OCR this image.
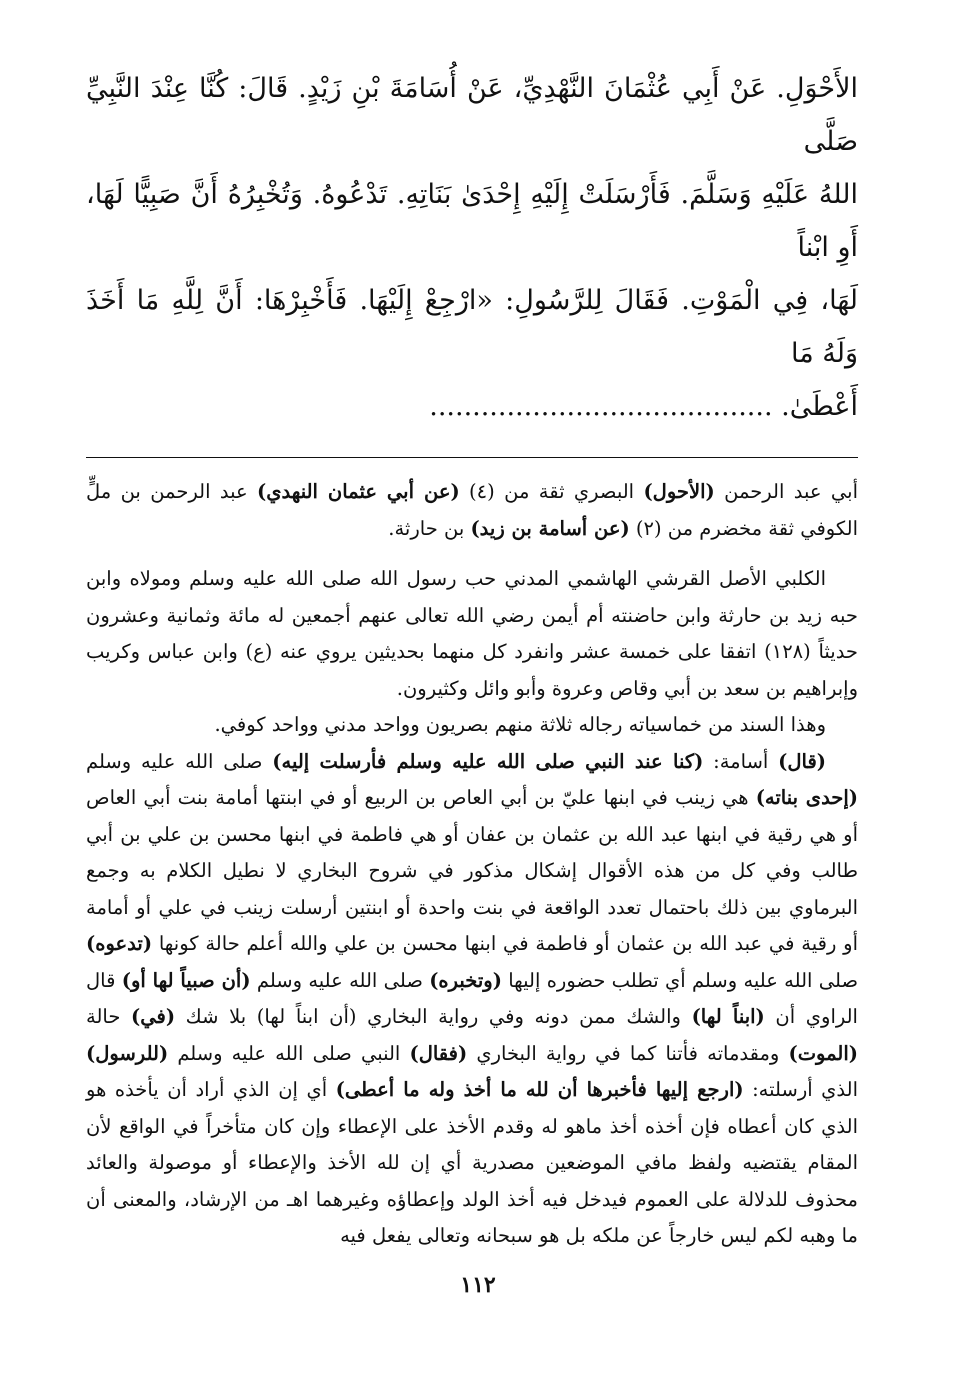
الأَحْوَلِ. عَنْ أَبِي عُثْمَانَ النَّهْدِيِّ، عَنْ أُسَامَةَ بْنِ زَيْدٍ. قَالَ: كُنَّا عِنْدَ النَّبِيِّ صَلَّى

اللهُ عَلَيْهِ وَسَلَّمَ. فَأَرْسَلَتْ إِلَيْهِ إِحْدَىٰ بَنَاتِهِ. تَدْعُوهُ. وَتُخْبِرُهُ أَنَّ صَبِيًّا لَهَا، أَوِ ابْناً

لَهَا، فِي الْمَوْتِ. فَقَالَ لِلرَّسُولِ: «ارْجِعْ إِلَيْهَا. فَأَخْبِرْهَا: أَنَّ لِلَّهِ مَا أَخَذَ وَلَهُ مَا

أَعْطَىٰ. ........................................

أبي عبد الرحمن (الأحول) البصري ثقة من (٤) (عن أبي عثمان النهدي) عبد الرحمن بن ملٍّ الكوفي ثقة مخضرم من (٢) (عن أسامة بن زيد) بن حارثة.

الكلبي الأصل القرشي الهاشمي المدني حب رسول الله صلى الله عليه وسلم ومولاه وابن حبه زيد بن حارثة وابن حاضنته أم أيمن رضي الله تعالى عنهم أجمعين له مائة وثمانية وعشرون حديثاً (١٢٨) اتفقا على خمسة عشر وانفرد كل منهما بحديثين يروي عنه (ع) وابن عباس وكريب وإبراهيم بن سعد بن أبي وقاص وعروة وأبو وائل وكثيرون.

وهذا السند من خماسياته رجاله ثلاثة منهم بصريون وواحد مدني وواحد كوفي.

(قال) أسامة: (كنا عند النبي صلى الله عليه وسلم فأرسلت إليه) صلى الله عليه وسلم (إحدى بناته) هي زينب في ابنها عليّ بن أبي العاص بن الربيع أو في ابنتها أمامة بنت أبي العاص أو هي رقية في ابنها عبد الله بن عثمان بن عفان أو هي فاطمة في ابنها محسن بن علي بن أبي طالب وفي كل من هذه الأقوال إشكال مذكور في شروح البخاري لا نطيل الكلام به وجمع البرماوي بين ذلك باحتمال تعدد الواقعة في بنت واحدة أو ابنتين أرسلت زينب في علي أو أمامة أو رقية في عبد الله بن عثمان أو فاطمة في ابنها محسن بن علي والله أعلم حالة كونها (تدعوه) صلى الله عليه وسلم أي تطلب حضوره إليها (وتخبره) صلى الله عليه وسلم (أن صبياً لها أو) قال الراوي أن (ابناً لها) والشك ممن دونه وفي رواية البخاري (أن ابناً لها) بلا شك (في) حالة (الموت) ومقدماته فأتنا كما في رواية البخاري (فقال) النبي صلى الله عليه وسلم (للرسول) الذي أرسلته: (ارجع إليها فأخبرها أن لله ما أخذ وله ما أعطى) أي إن الذي أراد أن يأخذه هو الذي كان أعطاه فإن أخذه أخذ ماهو له وقدم الأخذ على الإعطاء وإن كان متأخراً في الواقع لأن المقام يقتضيه ولفظ مافي الموضعين مصدرية أي إن لله الأخذ والإعطاء أو موصولة والعائد محذوف للدلالة على العموم فيدخل فيه أخذ الولد وإعطاؤه وغيرهما اهـ من الإرشاد، والمعنى أن ما وهبه لكم ليس خارجاً عن ملكه بل هو سبحانه وتعالى يفعل فيه

١١٢
